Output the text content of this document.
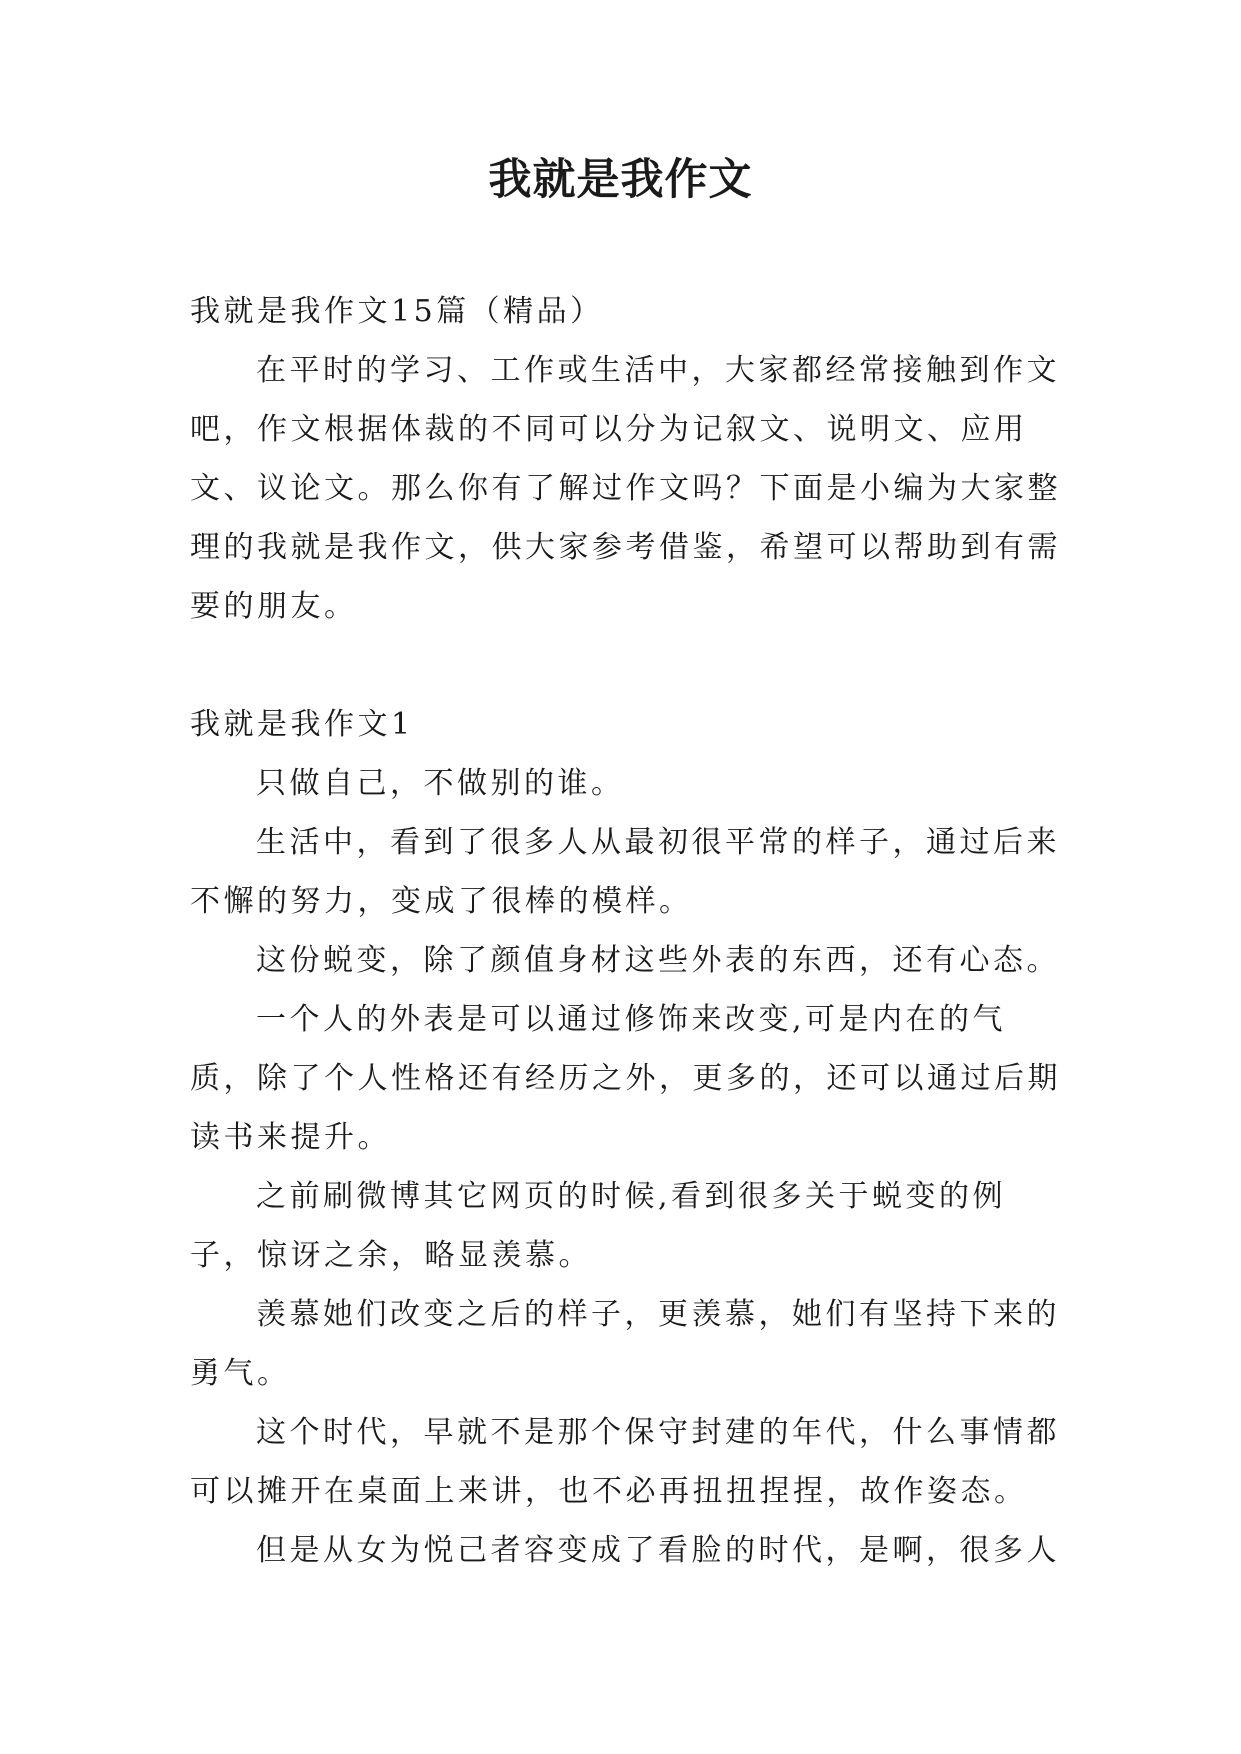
我就是我作文

我就是我作文15篇（精品）

在平时的学习、工作或生活中，大家都经常接触到作文吧，作文根据体裁的不同可以分为记叙文、说明文、应用文、议论文。那么你有了解过作文吗？下面是小编为大家整理的我就是我作文，供大家参考借鉴，希望可以帮助到有需要的朋友。

我就是我作文1

只做自己，不做别的谁。

生活中，看到了很多人从最初很平常的样子，通过后来不懈的努力，变成了很棒的模样。

这份蜕变，除了颜值身材这些外表的东西，还有心态。

一个人的外表是可以通过修饰来改变,可是内在的气质，除了个人性格还有经历之外，更多的，还可以通过后期读书来提升。

之前刷微博其它网页的时候,看到很多关于蜕变的例子，惊讶之余，略显羡慕。

羡慕她们改变之后的样子，更羡慕，她们有坚持下来的勇气。

这个时代，早就不是那个保守封建的年代，什么事情都可以摊开在桌面上来讲，也不必再扭扭捏捏，故作姿态。

但是从女为悦己者容变成了看脸的时代，是啊，很多人
